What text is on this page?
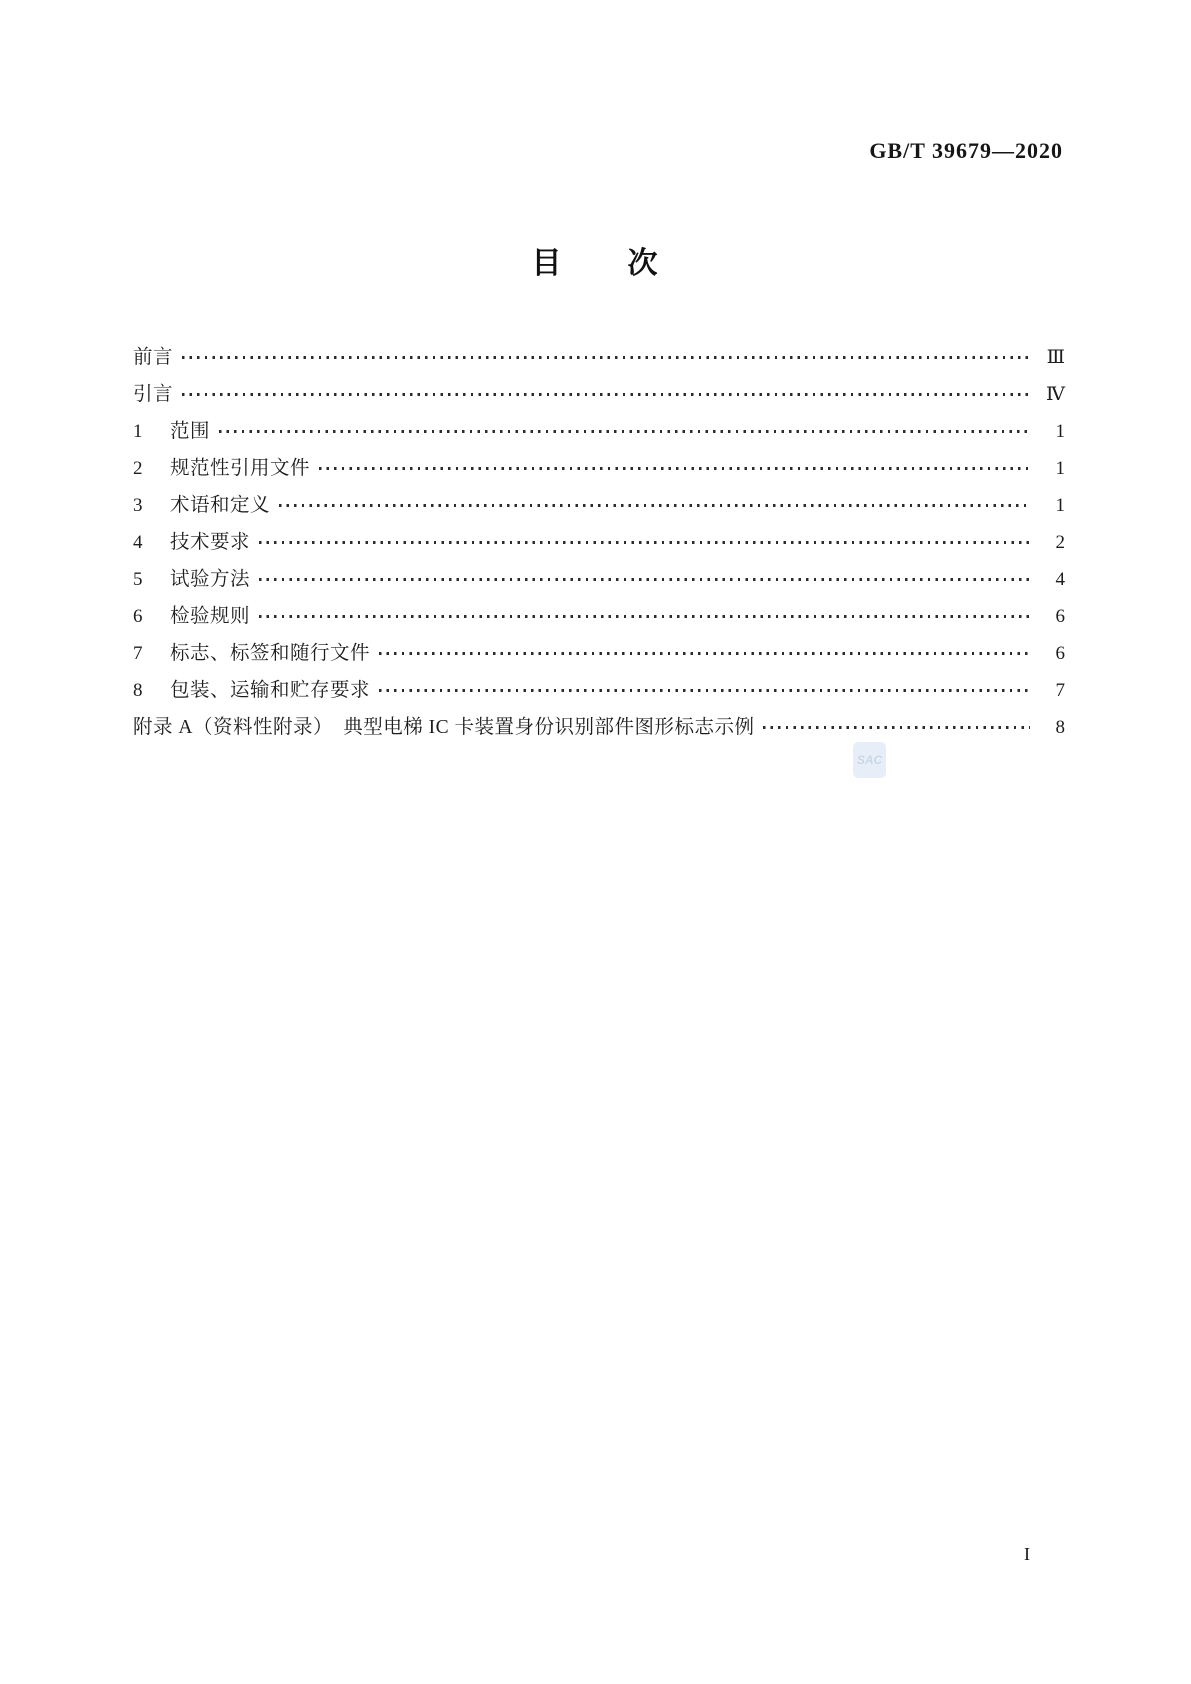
GB/T 39679—2020
目　　次
前言	Ⅲ
引言	Ⅳ
1	范围	1
2	规范性引用文件	1
3	术语和定义	1
4	技术要求	2
5	试验方法	4
6	检验规则	6
7	标志、标签和随行文件	6
8	包装、运输和贮存要求	7
附录 A（资料性附录）　典型电梯 IC 卡装置身份识别部件图形标志示例	8
SAC
I
